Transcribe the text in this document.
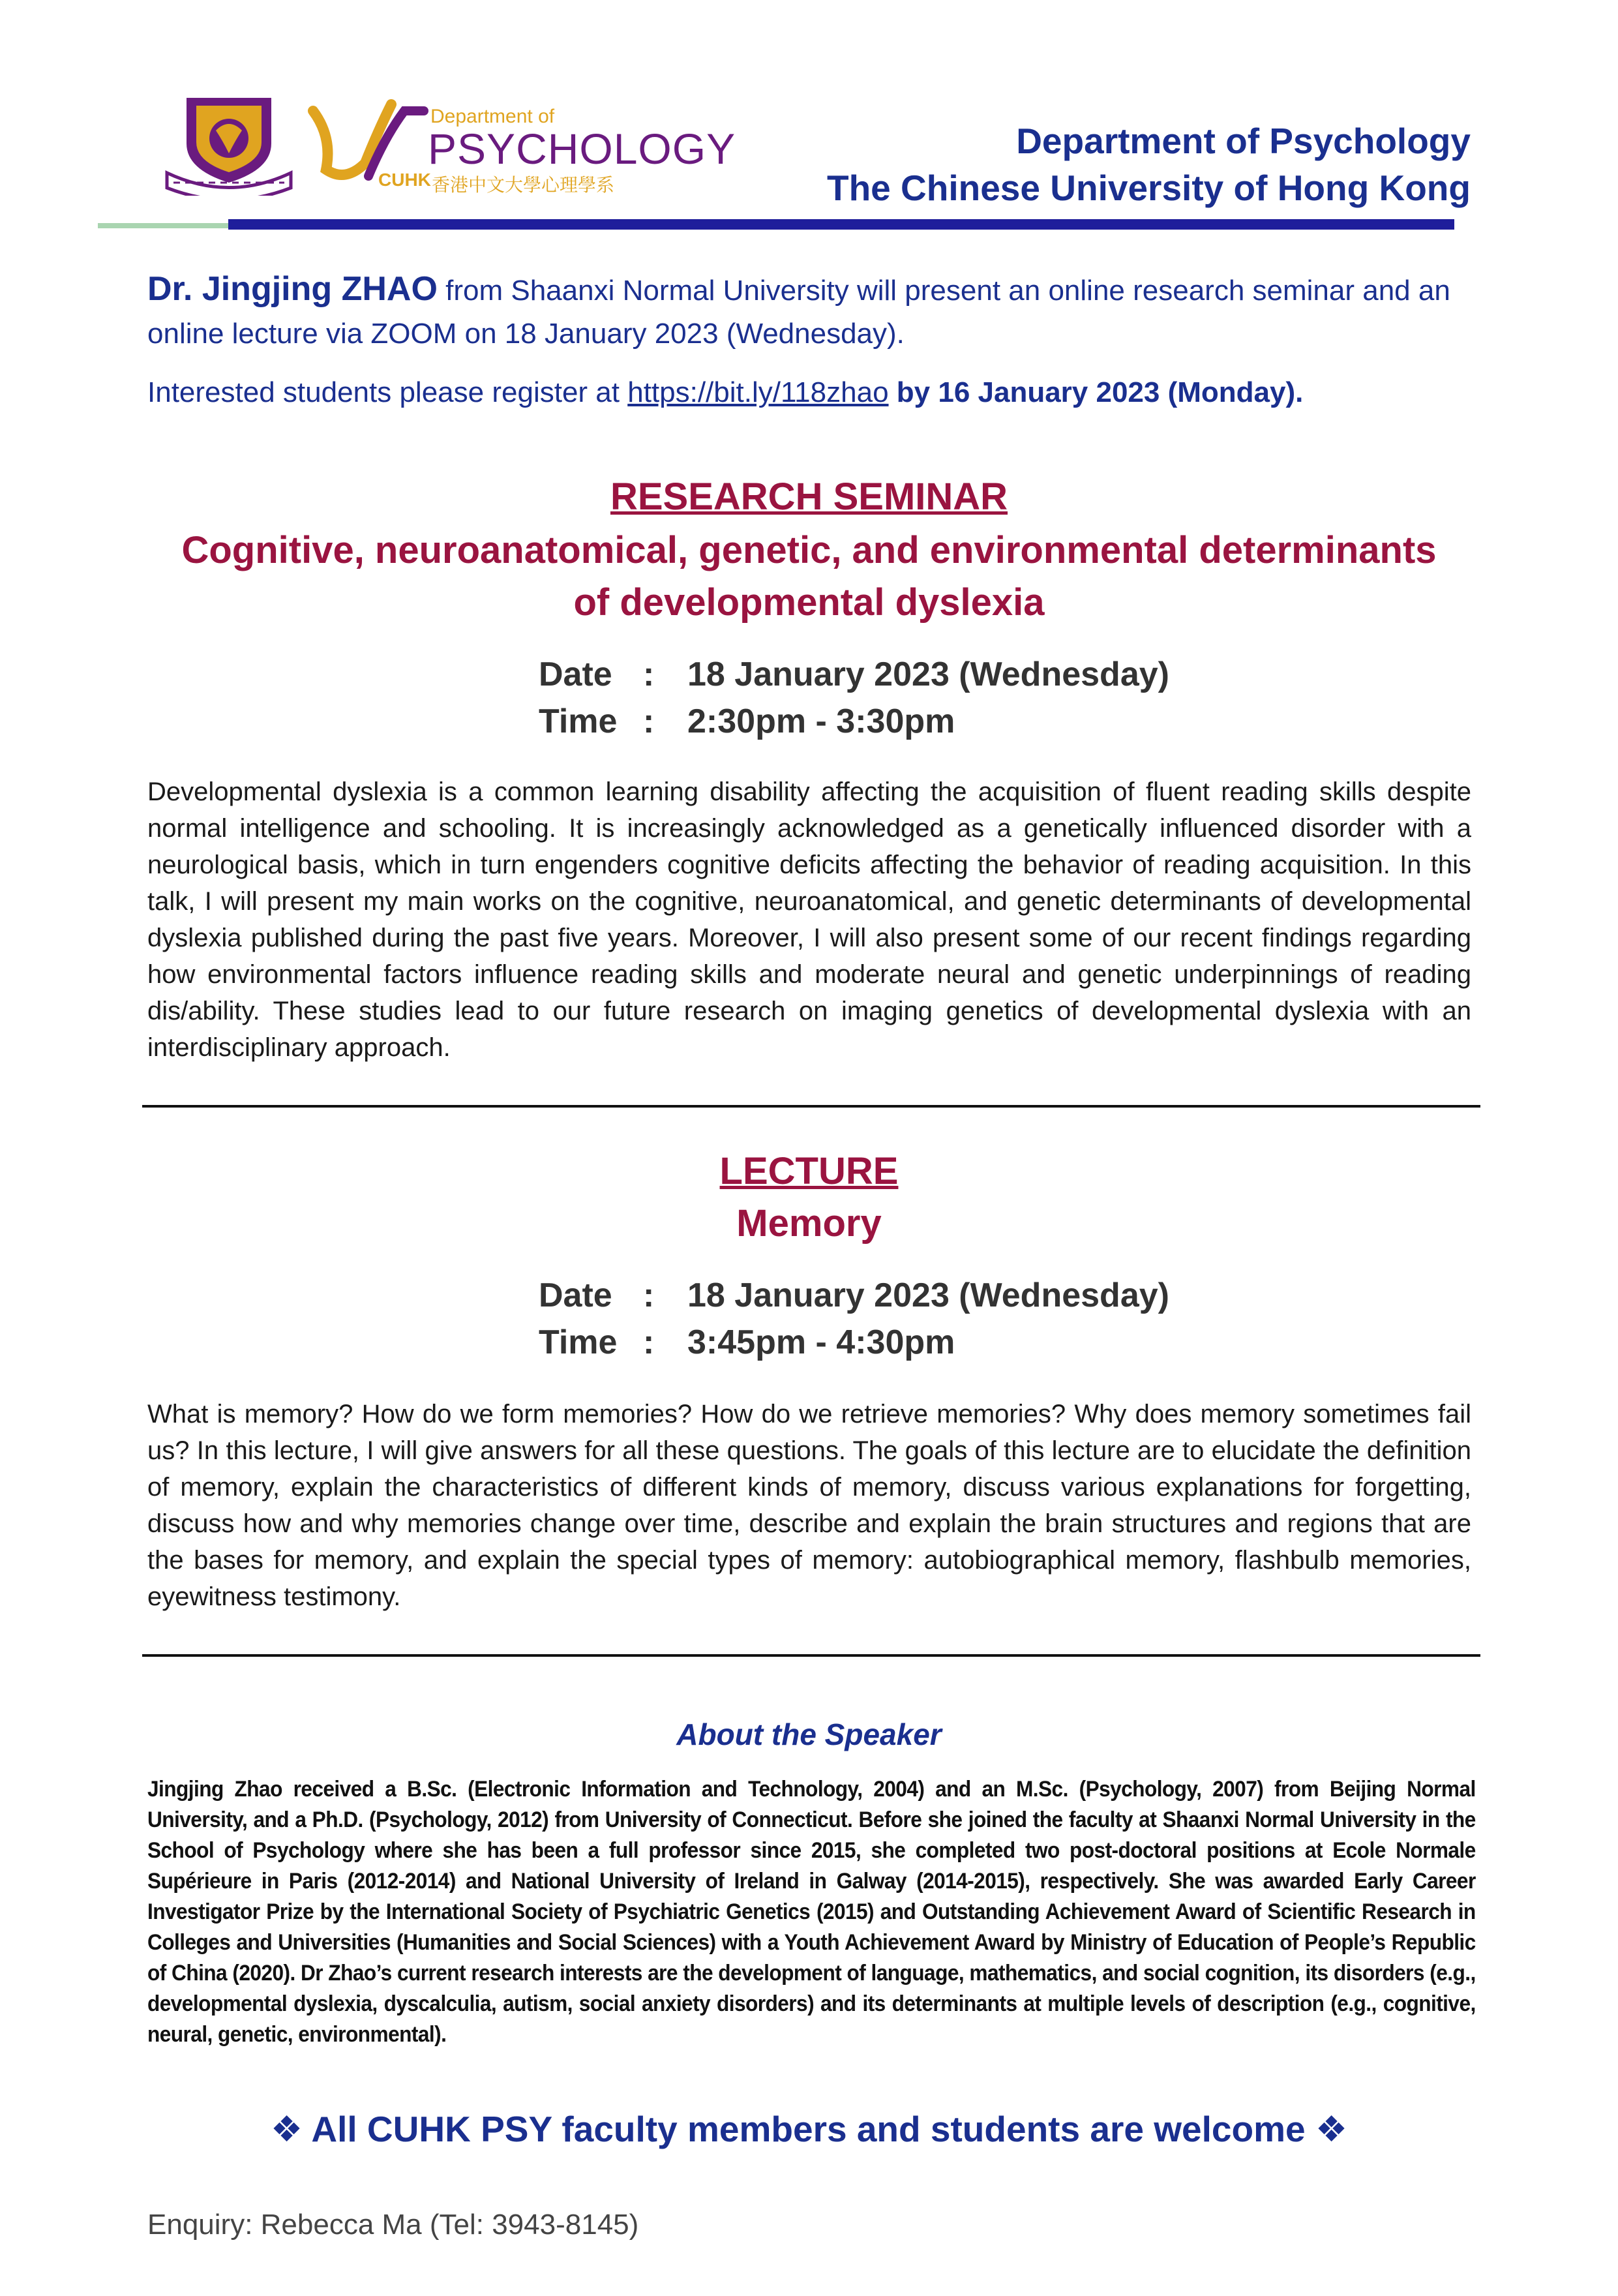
Department of
PSYCHOLOGY
CUHK 香港中文大學心理學系
Department of Psychology
The Chinese University of Hong Kong

Dr. Jingjing ZHAO from Shaanxi Normal University will present an online research seminar and an online lecture via ZOOM on 18 January 2023 (Wednesday).

Interested students please register at https://bit.ly/118zhao by 16 January 2023 (Monday).

RESEARCH SEMINAR
Cognitive, neuroanatomical, genetic, and environmental determinants
of developmental dyslexia
Date : 18 January 2023 (Wednesday)
Time : 2:30pm - 3:30pm
Developmental dyslexia is a common learning disability affecting the acquisition of fluent reading skills despite normal intelligence and schooling. It is increasingly acknowledged as a genetically influenced disorder with a neurological basis, which in turn engenders cognitive deficits affecting the behavior of reading acquisition. In this talk, I will present my main works on the cognitive, neuroanatomical, and genetic determinants of developmental dyslexia published during the past five years. Moreover, I will also present some of our recent findings regarding how environmental factors influence reading skills and moderate neural and genetic underpinnings of reading dis/ability. These studies lead to our future research on imaging genetics of developmental dyslexia with an interdisciplinary approach.
LECTURE
Memory
Date : 18 January 2023 (Wednesday)
Time : 3:45pm - 4:30pm
What is memory? How do we form memories? How do we retrieve memories? Why does memory sometimes fail us? In this lecture, I will give answers for all these questions. The goals of this lecture are to elucidate the definition of memory, explain the characteristics of different kinds of memory, discuss various explanations for forgetting, discuss how and why memories change over time, describe and explain the brain structures and regions that are the bases for memory, and explain the special types of memory: autobiographical memory, flashbulb memories, eyewitness testimony.
About the Speaker
Jingjing Zhao received a B.Sc. (Electronic Information and Technology, 2004) and an M.Sc. (Psychology, 2007) from Beijing Normal University, and a Ph.D. (Psychology, 2012) from University of Connecticut. Before she joined the faculty at Shaanxi Normal University in the School of Psychology where she has been a full professor since 2015, she completed two post-doctoral positions at Ecole Normale Supérieure in Paris (2012-2014) and National University of Ireland in Galway (2014-2015), respectively. She was awarded Early Career Investigator Prize by the International Society of Psychiatric Genetics (2015) and Outstanding Achievement Award of Scientific Research in Colleges and Universities (Humanities and Social Sciences) with a Youth Achievement Award by Ministry of Education of People’s Republic of China (2020). Dr Zhao’s current research interests are the development of language, mathematics, and social cognition, its disorders (e.g., developmental dyslexia, dyscalculia, autism, social anxiety disorders) and its determinants at multiple levels of description (e.g., cognitive, neural, genetic, environmental).
❖ All CUHK PSY faculty members and students are welcome ❖
Enquiry: Rebecca Ma (Tel: 3943-8145)
